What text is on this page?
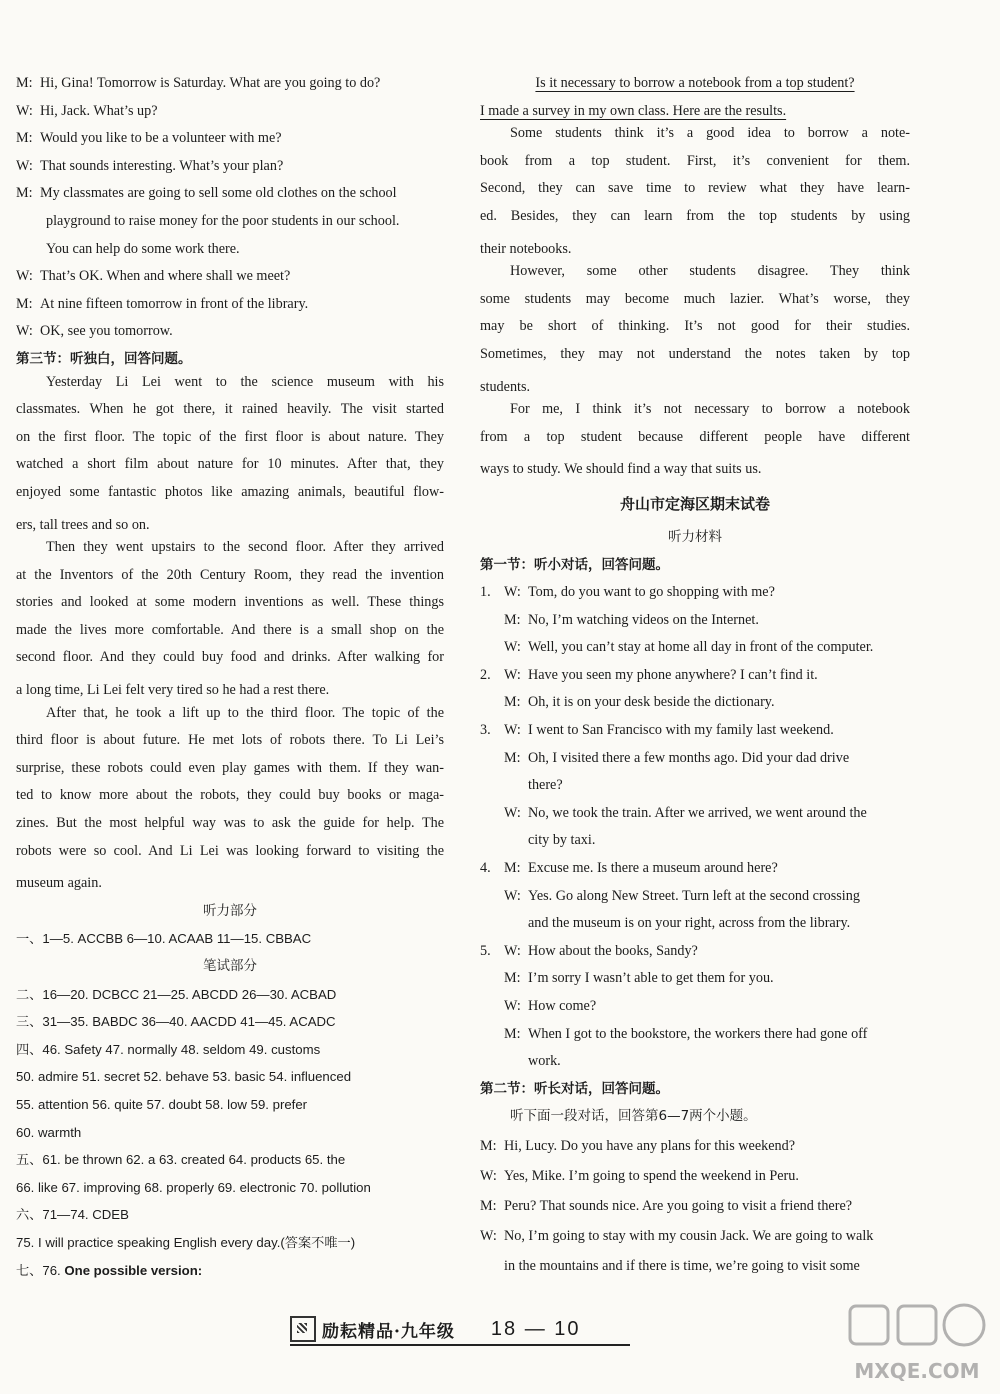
M: Hi, Gina! Tomorrow is Saturday. What are you going to do?
W: Hi, Jack. What’s up?
M: Would you like to be a volunteer with me?
W: That sounds interesting. What’s your plan?
M: My classmates are going to sell some old clothes on the school
playground to raise money for the poor students in our school.
You can help do some work there.
W: That’s OK. When and where shall we meet?
M: At nine fifteen tomorrow in front of the library.
W: OK, see you tomorrow.
第三节：听独白，回答问题。
Yesterday Li Lei went to the science museum with his
classmates. When he got there, it rained heavily. The visit started
on the first floor. The topic of the first floor is about nature. They
watched a short film about nature for 10 minutes. After that, they
enjoyed some fantastic photos like amazing animals, beautiful flow-
ers, tall trees and so on.
Then they went upstairs to the second floor. After they arrived
at the Inventors of the 20th Century Room, they read the invention
stories and looked at some modern inventions as well. These things
made the lives more comfortable. And there is a small shop on the
second floor. And they could buy food and drinks. After walking for
a long time, Li Lei felt very tired so he had a rest there.
After that, he took a lift up to the third floor. The topic of the
third floor is about future. He met lots of robots there. To Li Lei’s
surprise, these robots could even play games with them. If they wan-
ted to know more about the robots, they could buy books or maga-
zines. But the most helpful way was to ask the guide for help. The
robots were so cool. And Li Lei was looking forward to visiting the
museum again.
听力部分
一、1—5. ACCBB 6—10. ACAAB 11—15. CBBAC
笔试部分
二、16—20. DCBCC 21—25. ABCDD 26—30. ACBAD
三、31—35. BABDC 36—40. AACDD 41—45. ACADC
四、46. Safety 47. normally 48. seldom 49. customs
50. admire 51. secret 52. behave 53. basic 54. influenced
55. attention 56. quite 57. doubt 58. low 59. prefer
60. warmth
五、61. be thrown 62. a 63. created 64. products 65. the
66. like 67. improving 68. properly 69. electronic 70. pollution
六、71—74. CDEB
75. I will practice speaking English every day.(答案不唯一)
七、76. One possible version:
Is it necessary to borrow a notebook from a top student?
I made a survey in my own class. Here are the results.
Some students think it’s a good idea to borrow a note-
book from a top student. First, it’s convenient for them.
Second, they can save time to review what they have learn-
ed. Besides, they can learn from the top students by using
their notebooks.
However, some other students disagree. They think
some students may become much lazier. What’s worse, they
may be short of thinking. It’s not good for their studies.
Sometimes, they may not understand the notes taken by top
students.
For me, I think it’s not necessary to borrow a notebook
from a top student because different people have different
ways to study. We should find a way that suits us.
舟山市定海区期末试卷
听力材料
第一节：听小对话，回答问题。
1. W: Tom, do you want to go shopping with me?
M: No, I’m watching videos on the Internet.
W: Well, you can’t stay at home all day in front of the computer.
2. W: Have you seen my phone anywhere? I can’t find it.
M: Oh, it is on your desk beside the dictionary.
3. W: I went to San Francisco with my family last weekend.
M: Oh, I visited there a few months ago. Did your dad drive
there?
W: No, we took the train. After we arrived, we went around the
city by taxi.
4. M: Excuse me. Is there a museum around here?
W: Yes. Go along New Street. Turn left at the second crossing
and the museum is on your right, across from the library.
5. W: How about the books, Sandy?
M: I’m sorry I wasn’t able to get them for you.
W: How come?
M: When I got to the bookstore, the workers there had gone off
work.
第二节：听长对话，回答问题。
听下面一段对话，回答第6—7两个小题。
M: Hi, Lucy. Do you have any plans for this weekend?
W: Yes, Mike. I’m going to spend the weekend in Peru.
M: Peru? That sounds nice. Are you going to visit a friend there?
W: No, I’m going to stay with my cousin Jack. We are going to walk
in the mountains and if there is time, we’re going to visit some
励耘精品·九年级 18 — 10
MXQE.COM
